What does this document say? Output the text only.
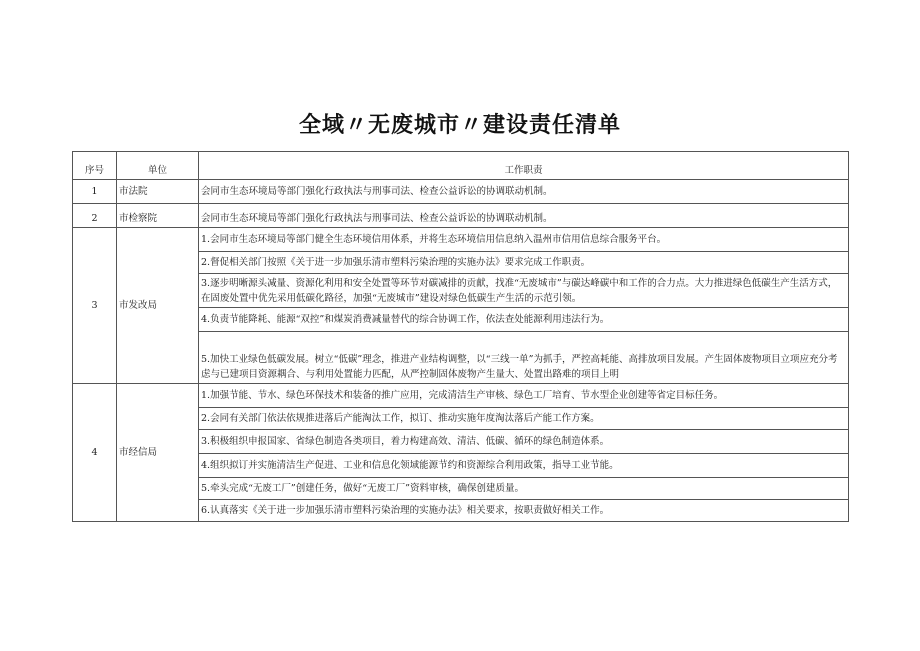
全域〃无废城市〃建设责任清单
序号	单位	工作职责
1	市法院	会同市生态环境局等部门强化行政执法与刑事司法、检查公益诉讼的协调联动机制。
2	市检察院	会同市生态环境局等部门强化行政执法与刑事司法、检查公益诉讼的协调联动机制。
3	市发改局	1.会同市生态环境局等部门健全生态环境信用体系，并将生态环境信用信息纳入温州市信用信息综合服务平台。
		2.督促相关部门按照《关于进一步加强乐清市塑料污染治理的实施办法》要求完成工作职责。
		3.逐步明晰源头减量、资源化利用和安全处置等环节对碳减排的贡献，找准“无废城市”与碳达峰碳中和工作的合力点。大力推进绿色低碳生产生活方式，在固废处置中优先采用低碳化路径，加强“无废城市”建设对绿色低碳生产生活的示范引领。
		4.负责节能降耗、能源“双控”和煤炭消费减量替代的综合协调工作，依法查处能源利用违法行为。
		5.加快工业绿色低碳发展。树立“低碳”理念，推进产业结构调整，以“三线一单”为抓手，严控高耗能、高排放项目发展。产生固体废物项目立项应充分考虑与已建项目资源耦合、与利用处置能力匹配，从严控制固体废物产生量大、处置出路难的项目上明
4	市经信局	1.加强节能、节水、绿色环保技术和装备的推广应用，完成清洁生产审核、绿色工厂培育、节水型企业创建等省定目标任务。
		2.会同有关部门依法依规推进落后产能淘汰工作，拟订、推动实施年度淘汰落后产能工作方案。
		3.积极组织申报国家、省绿色制造各类项目，着力构建高效、清洁、低碳、循环的绿色制造体系。
		4.组织拟订并实施清洁生产促进、工业和信息化领域能源节约和资源综合利用政策，指导工业节能。
		5.牵头完成“无废工厂”创建任务，做好“无废工厂”资料审核，确保创建质量。
		6.认真落实《关于进一步加强乐清市塑料污染治理的实施办法》相关要求，按职责做好相关工作。
